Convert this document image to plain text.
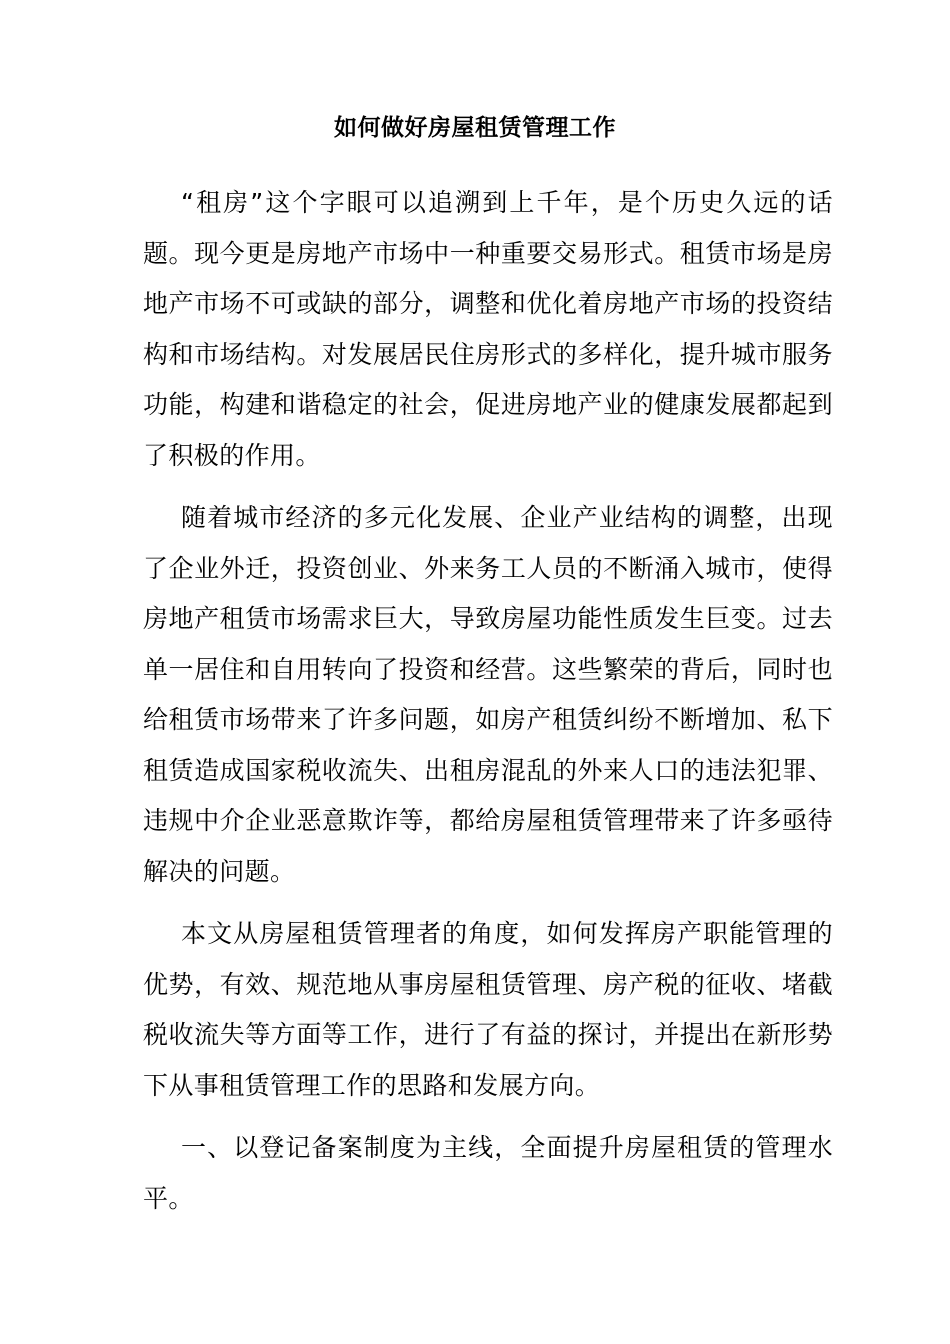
如何做好房屋租赁管理工作

“租房”这个字眼可以追溯到上千年，是个历史久远的话题。现今更是房地产市场中一种重要交易形式。租赁市场是房地产市场不可或缺的部分，调整和优化着房地产市场的投资结构和市场结构。对发展居民住房形式的多样化，提升城市服务功能，构建和谐稳定的社会，促进房地产业的健康发展都起到了积极的作用。

随着城市经济的多元化发展、企业产业结构的调整，出现了企业外迁，投资创业、外来务工人员的不断涌入城市，使得房地产租赁市场需求巨大，导致房屋功能性质发生巨变。过去单一居住和自用转向了投资和经营。这些繁荣的背后，同时也给租赁市场带来了许多问题，如房产租赁纠纷不断增加、私下租赁造成国家税收流失、出租房混乱的外来人口的违法犯罪、违规中介企业恶意欺诈等，都给房屋租赁管理带来了许多亟待解决的问题。

本文从房屋租赁管理者的角度，如何发挥房产职能管理的优势，有效、规范地从事房屋租赁管理、房产税的征收、堵截税收流失等方面等工作，进行了有益的探讨，并提出在新形势下从事租赁管理工作的思路和发展方向。

一、以登记备案制度为主线，全面提升房屋租赁的管理水平。
